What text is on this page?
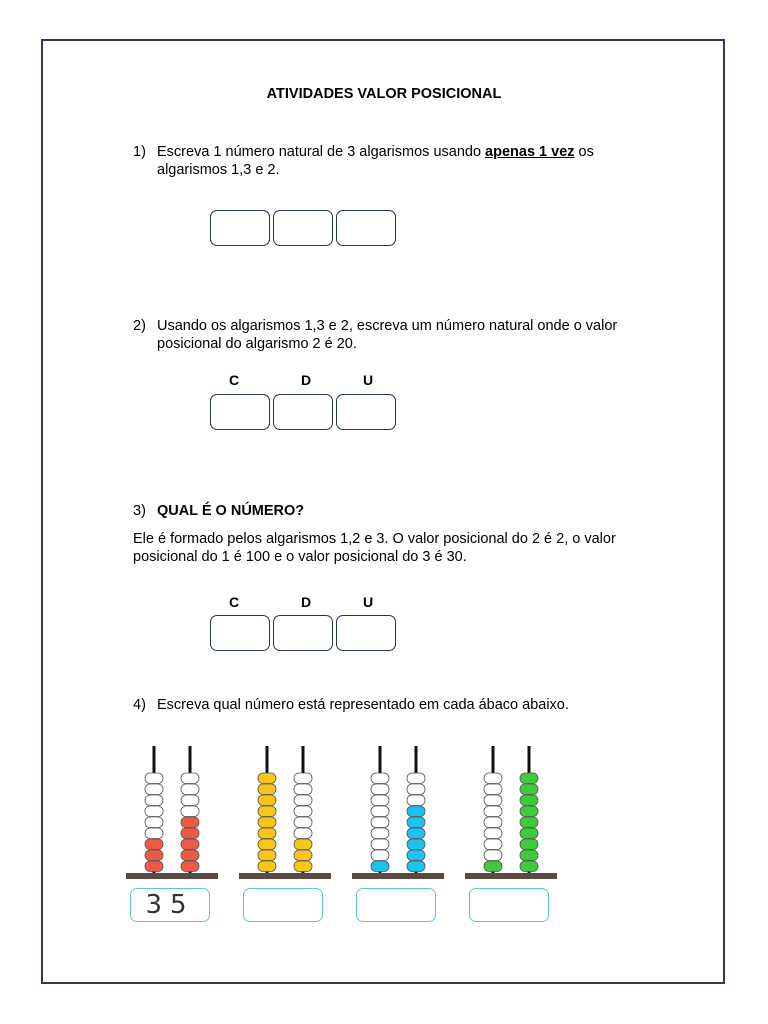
ATIVIDADES VALOR POSICIONAL
1) Escreva 1 número natural de 3 algarismos usando apenas 1 vez os
algarismos 1,3 e 2.
2) Usando os algarismos 1,3 e 2, escreva um número natural onde o valor
posicional do algarismo 2 é 20.
C	D	U
3) QUAL É O NÚMERO?
Ele é formado pelos algarismos 1,2 e 3. O valor posicional do 2 é 2, o valor
posicional do 1 é 100 e o valor posicional do 3 é 30.
C	D	U
4) Escreva qual número está representado em cada ábaco abaixo.
35
